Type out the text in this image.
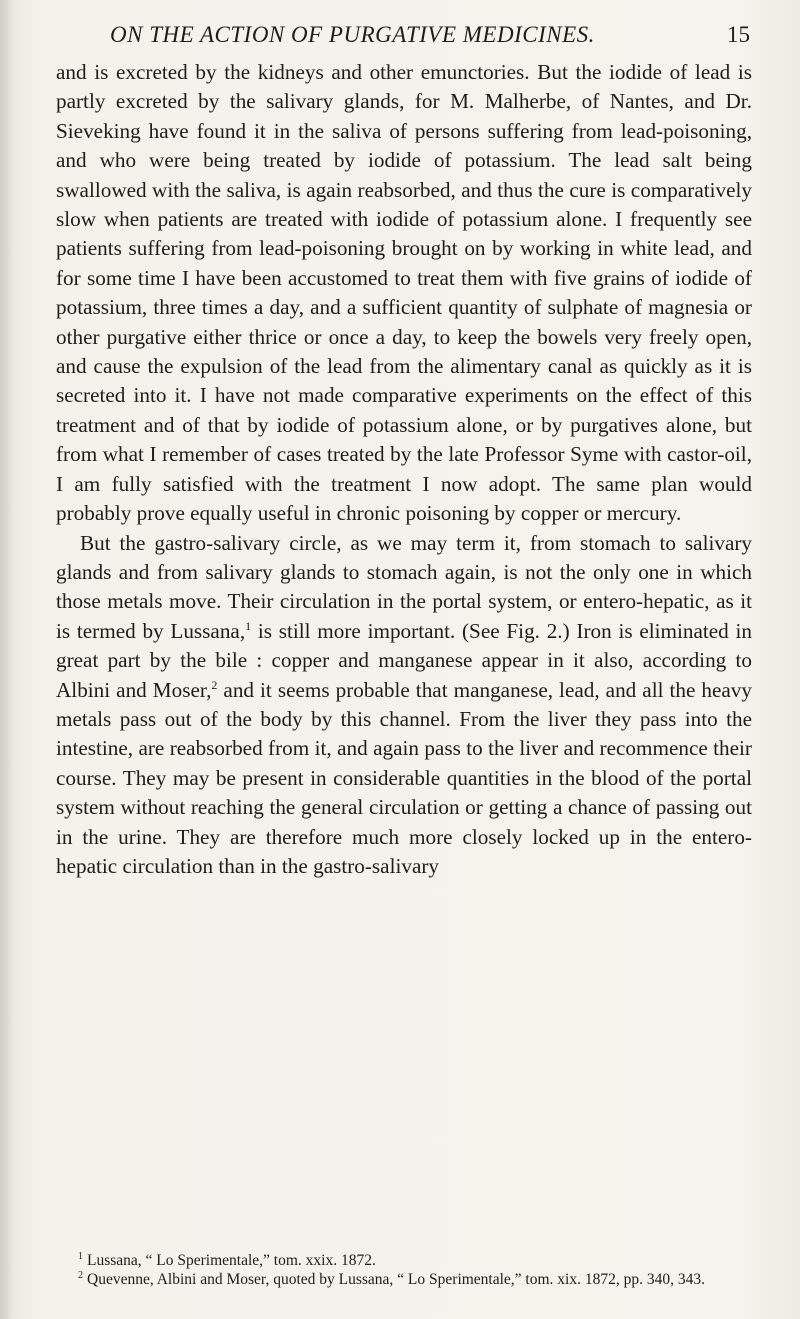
ON THE ACTION OF PURGATIVE MEDICINES.	15

and is excreted by the kidneys and other emunctories. But the iodide of lead is partly excreted by the salivary glands, for M. Malherbe, of Nantes, and Dr. Sieveking have found it in the saliva of persons suffering from lead-poisoning, and who were being treated by iodide of potassium. The lead salt being swallowed with the saliva, is again reabsorbed, and thus the cure is comparatively slow when patients are treated with iodide of potassium alone. I frequently see patients suffering from lead-poisoning brought on by working in white lead, and for some time I have been accustomed to treat them with five grains of iodide of potassium, three times a day, and a sufficient quantity of sulphate of magnesia or other purgative either thrice or once a day, to keep the bowels very freely open, and cause the expulsion of the lead from the alimentary canal as quickly as it is secreted into it. I have not made comparative experiments on the effect of this treatment and of that by iodide of potassium alone, or by purgatives alone, but from what I remember of cases treated by the late Professor Syme with castor-oil, I am fully satisfied with the treatment I now adopt. The same plan would probably prove equally useful in chronic poisoning by copper or mercury.

But the gastro-salivary circle, as we may term it, from stomach to salivary glands and from salivary glands to stomach again, is not the only one in which those metals move. Their circulation in the portal system, or entero-hepatic, as it is termed by Lussana,$^1$ is still more important. (See Fig. 2.) Iron is eliminated in great part by the bile : copper and manganese appear in it also, according to Albini and Moser,$^2$ and it seems probable that manganese, lead, and all the heavy metals pass out of the body by this channel. From the liver they pass into the intestine, are reabsorbed from it, and again pass to the liver and recommence their course. They may be present in considerable quantities in the blood of the portal system without reaching the general circulation or getting a chance of passing out in the urine. They are therefore much more closely locked up in the entero-hepatic circulation than in the gastro-salivary

$^1$ Lussana, “ Lo Sperimentale,” tom. xxix. 1872.

$^2$ Quevenne, Albini and Moser, quoted by Lussana, “ Lo Sperimentale,” tom. xix. 1872, pp. 340, 343.
